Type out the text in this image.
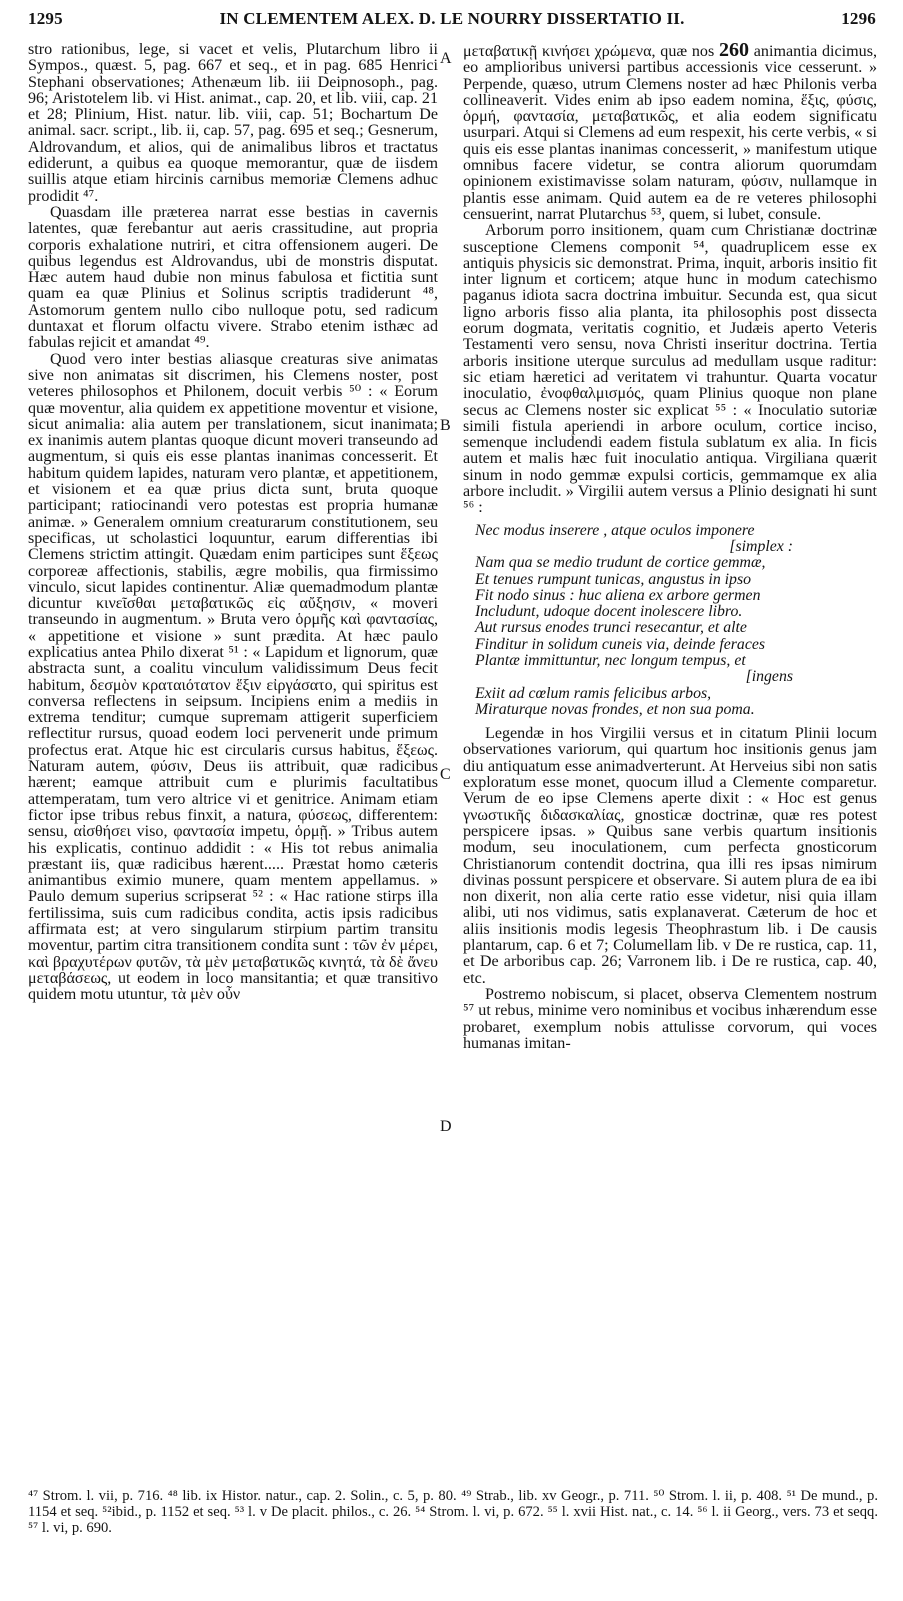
1295	IN CLEMENTEM ALEX. D. LE NOURRY DISSERTATIO II.	1296
A
B
C
D

stro rationibus, lege, si vacet et velis, Plutarchum libro ii Sympos., quæst. 5, pag. 667 et seq., et in pag. 685 Henrici Stephani observationes; Athenæum lib. iii Deipnosoph., pag. 96; Aristotelem lib. vi Hist. animat., cap. 20, et lib. viii, cap. 21 et 28; Plinium, Hist. natur. lib. viii, cap. 51; Bochartum De animal. sacr. script., lib. ii, cap. 57, pag. 695 et seq.; Gesnerum, Aldrovandum, et alios, qui de animalibus libros et tractatus ediderunt, a quibus ea quoque memorantur, quæ de iisdem suillis atque etiam hircinis carnibus memoriæ Clemens adhuc prodidit ⁴⁷.

Quasdam ille præterea narrat esse bestias in cavernis latentes, quæ ferebantur aut aeris crassitudine, aut propria corporis exhalatione nutriri, et citra offensionem augeri. De quibus legendus est Aldrovandus, ubi de monstris disputat. Hæc autem haud dubie non minus fabulosa et fictitia sunt quam ea quæ Plinius et Solinus scriptis tradiderunt ⁴⁸, Astomorum gentem nullo cibo nulloque potu, sed radicum duntaxat et florum olfactu vivere. Strabo etenim isthæc ad fabulas rejicit et amandat ⁴⁹.

Quod vero inter bestias aliasque creaturas sive animatas sive non animatas sit discrimen, his Clemens noster, post veteres philosophos et Philonem, docuit verbis ⁵⁰ : « Eorum quæ moventur, alia quidem ex appetitione moventur et visione, sicut animalia: alia autem per translationem, sicut inanimata; ex inanimis autem plantas quoque dicunt moveri transeundo ad augmentum, si quis eis esse plantas inanimas concesserit. Et habitum quidem lapides, naturam vero plantæ, et appetitionem, et visionem et ea quæ prius dicta sunt, bruta quoque participant; ratiocinandi vero potestas est propria humanæ animæ. » Generalem omnium creaturarum constitutionem, seu specificas, ut scholastici loquuntur, earum differentias ibi Clemens strictim attingit. Quædam enim participes sunt ἕξεως corporeæ affectionis, stabilis, ægre mobilis, qua firmissimo vinculo, sicut lapides continentur. Aliæ quemadmodum plantæ dicuntur κινεῖσθαι μεταβατικῶς εἰς αὔξησιν, « moveri transeundo in augmentum. » Bruta vero ὁρμῆς καὶ φαντασίας, « appetitione et visione » sunt prædita. At hæc paulo explicatius antea Philo dixerat ⁵¹ : « Lapidum et lignorum, quæ abstracta sunt, a coalitu vinculum validissimum Deus fecit habitum, δεσμὸν κραταιότατον ἕξιν εἰργάσατο, qui spiritus est conversa reflectens in seipsum. Incipiens enim a mediis in extrema tenditur; cumque supremam attigerit superficiem reflectitur rursus, quoad eodem loci pervenerit unde primum profectus erat. Atque hic est circularis cursus habitus, ἕξεως. Naturam autem, φύσιν, Deus iis attribuit, quæ radicibus hærent; eamque attribuit cum e plurimis facultatibus attemperatam, tum vero altrice vi et genitrice. Animam etiam fictor ipse tribus rebus finxit, a natura, φύσεως, differentem: sensu, αἰσθήσει viso, φαντασία impetu, ὁρμῇ. » Tribus autem his explicatis, continuo addidit : « His tot rebus animalia præstant iis, quæ radicibus hærent..... Præstat homo cæteris animantibus eximio munere, quam mentem appellamus. » Paulo demum superius scripserat ⁵² : « Hac ratione stirps illa fertilissima, suis cum radicibus condita, actis ipsis radicibus affirmata est; at vero singularum stirpium partim transitu moventur, partim citra transitionem condita sunt : τῶν ἐν μέρει, καὶ βραχυτέρων φυτῶν, τὰ μὲν μεταβατικῶς κινητά, τὰ δὲ ἄνευ μεταβάσεως, ut eodem in loco mansitantia; et quæ transitivo quidem motu utuntur, τὰ μὲν οὖν

μεταβατικῇ κινήσει χρώμενα, quæ nos 260 animantia dicimus, eo amplioribus universi partibus accessionis vice cesserunt. » Perpende, quæso, utrum Clemens noster ad hæc Philonis verba collineaverit. Vides enim ab ipso eadem nomina, ἕξις, φύσις, ὁρμή, φαντασία, μεταβατικῶς, et alia eodem significatu usurpari. Atqui si Clemens ad eum respexit, his certe verbis, « si quis eis esse plantas inanimas concesserit, » manifestum utique omnibus facere videtur, se contra aliorum quorumdam opinionem existimavisse solam naturam, φύσιν, nullamque in plantis esse animam. Quid autem ea de re veteres philosophi censuerint, narrat Plutarchus ⁵³, quem, si lubet, consule.

Arborum porro insitionem, quam cum Christianæ doctrinæ susceptione Clemens componit ⁵⁴, quadruplicem esse ex antiquis physicis sic demonstrat. Prima, inquit, arboris insitio fit inter lignum et corticem; atque hunc in modum catechismo paganus idiota sacra doctrina imbuitur. Secunda est, qua sicut ligno arboris fisso alia planta, ita philosophis post dissecta eorum dogmata, veritatis cognitio, et Judæis aperto Veteris Testamenti vero sensu, nova Christi inseritur doctrina. Tertia arboris insitione uterque surculus ad medullam usque raditur: sic etiam hæretici ad veritatem vi trahuntur. Quarta vocatur inoculatio, ἐνοφθαλμισμός, quam Plinius quoque non plane secus ac Clemens noster sic explicat ⁵⁵ : « Inoculatio sutoriæ simili fistula aperiendi in arbore oculum, cortice inciso, semenque includendi eadem fistula sublatum ex alia. In ficis autem et malis hæc fuit inoculatio antiqua. Virgiliana quærit sinum in nodo gemmæ expulsi corticis, gemmamque ex alia arbore includit. » Virgilii autem versus a Plinio designati hi sunt ⁵⁶ :

Nec modus inserere , atque oculos imponere
[simplex :
Nam qua se medio trudunt de cortice gemmæ,
Et tenues rumpunt tunicas, angustus in ipso
Fit nodo sinus : huc aliena ex arbore germen
Includunt, udoque docent inolescere libro.
Aut rursus enodes trunci resecantur, et alte
Finditur in solidum cuneis via, deinde feraces
Plantæ immittuntur, nec longum tempus, et
[ingens
Exiit ad cœlum ramis felicibus arbos,
Miraturque novas frondes, et non sua poma.

Legendæ in hos Virgilii versus et in citatum Plinii locum observationes variorum, qui quartum hoc insitionis genus jam diu antiquatum esse animadverterunt. At Herveius sibi non satis exploratum esse monet, quocum illud a Clemente comparetur. Verum de eo ipse Clemens aperte dixit : « Hoc est genus γνωστικῆς διδασκαλίας, gnosticæ doctrinæ, quæ res potest perspicere ipsas. » Quibus sane verbis quartum insitionis modum, seu inoculationem, cum perfecta gnosticorum Christianorum contendit doctrina, qua illi res ipsas nimirum divinas possunt perspicere et observare. Si autem plura de ea ibi non dixerit, non alia certe ratio esse videtur, nisi quia illam alibi, uti nos vidimus, satis explanaverat. Cæterum de hoc et aliis insitionis modis legesis Theophrastum lib. i De causis plantarum, cap. 6 et 7; Columellam lib. v De re rustica, cap. 11, et De arboribus cap. 26; Varronem lib. i De re rustica, cap. 40, etc.

Postremo nobiscum, si placet, observa Clementem nostrum ⁵⁷ ut rebus, minime vero nominibus et vocibus inhærendum esse probaret, exemplum nobis attulisse corvorum, qui voces humanas imitan-

⁴⁷ Strom. l. vii, p. 716. ⁴⁸ lib. ix Histor. natur., cap. 2. Solin., c. 5, p. 80. ⁴⁹ Strab., lib. xv Geogr., p. 711. ⁵⁰ Strom. l. ii, p. 408. ⁵¹ De mund., p. 1154 et seq. ⁵²ibid., p. 1152 et seq. ⁵³ l. v De placit. philos., c. 26. ⁵⁴ Strom. l. vi, p. 672. ⁵⁵ l. xvii Hist. nat., c. 14. ⁵⁶ l. ii Georg., vers. 73 et seqq. ⁵⁷ l. vi, p. 690.
